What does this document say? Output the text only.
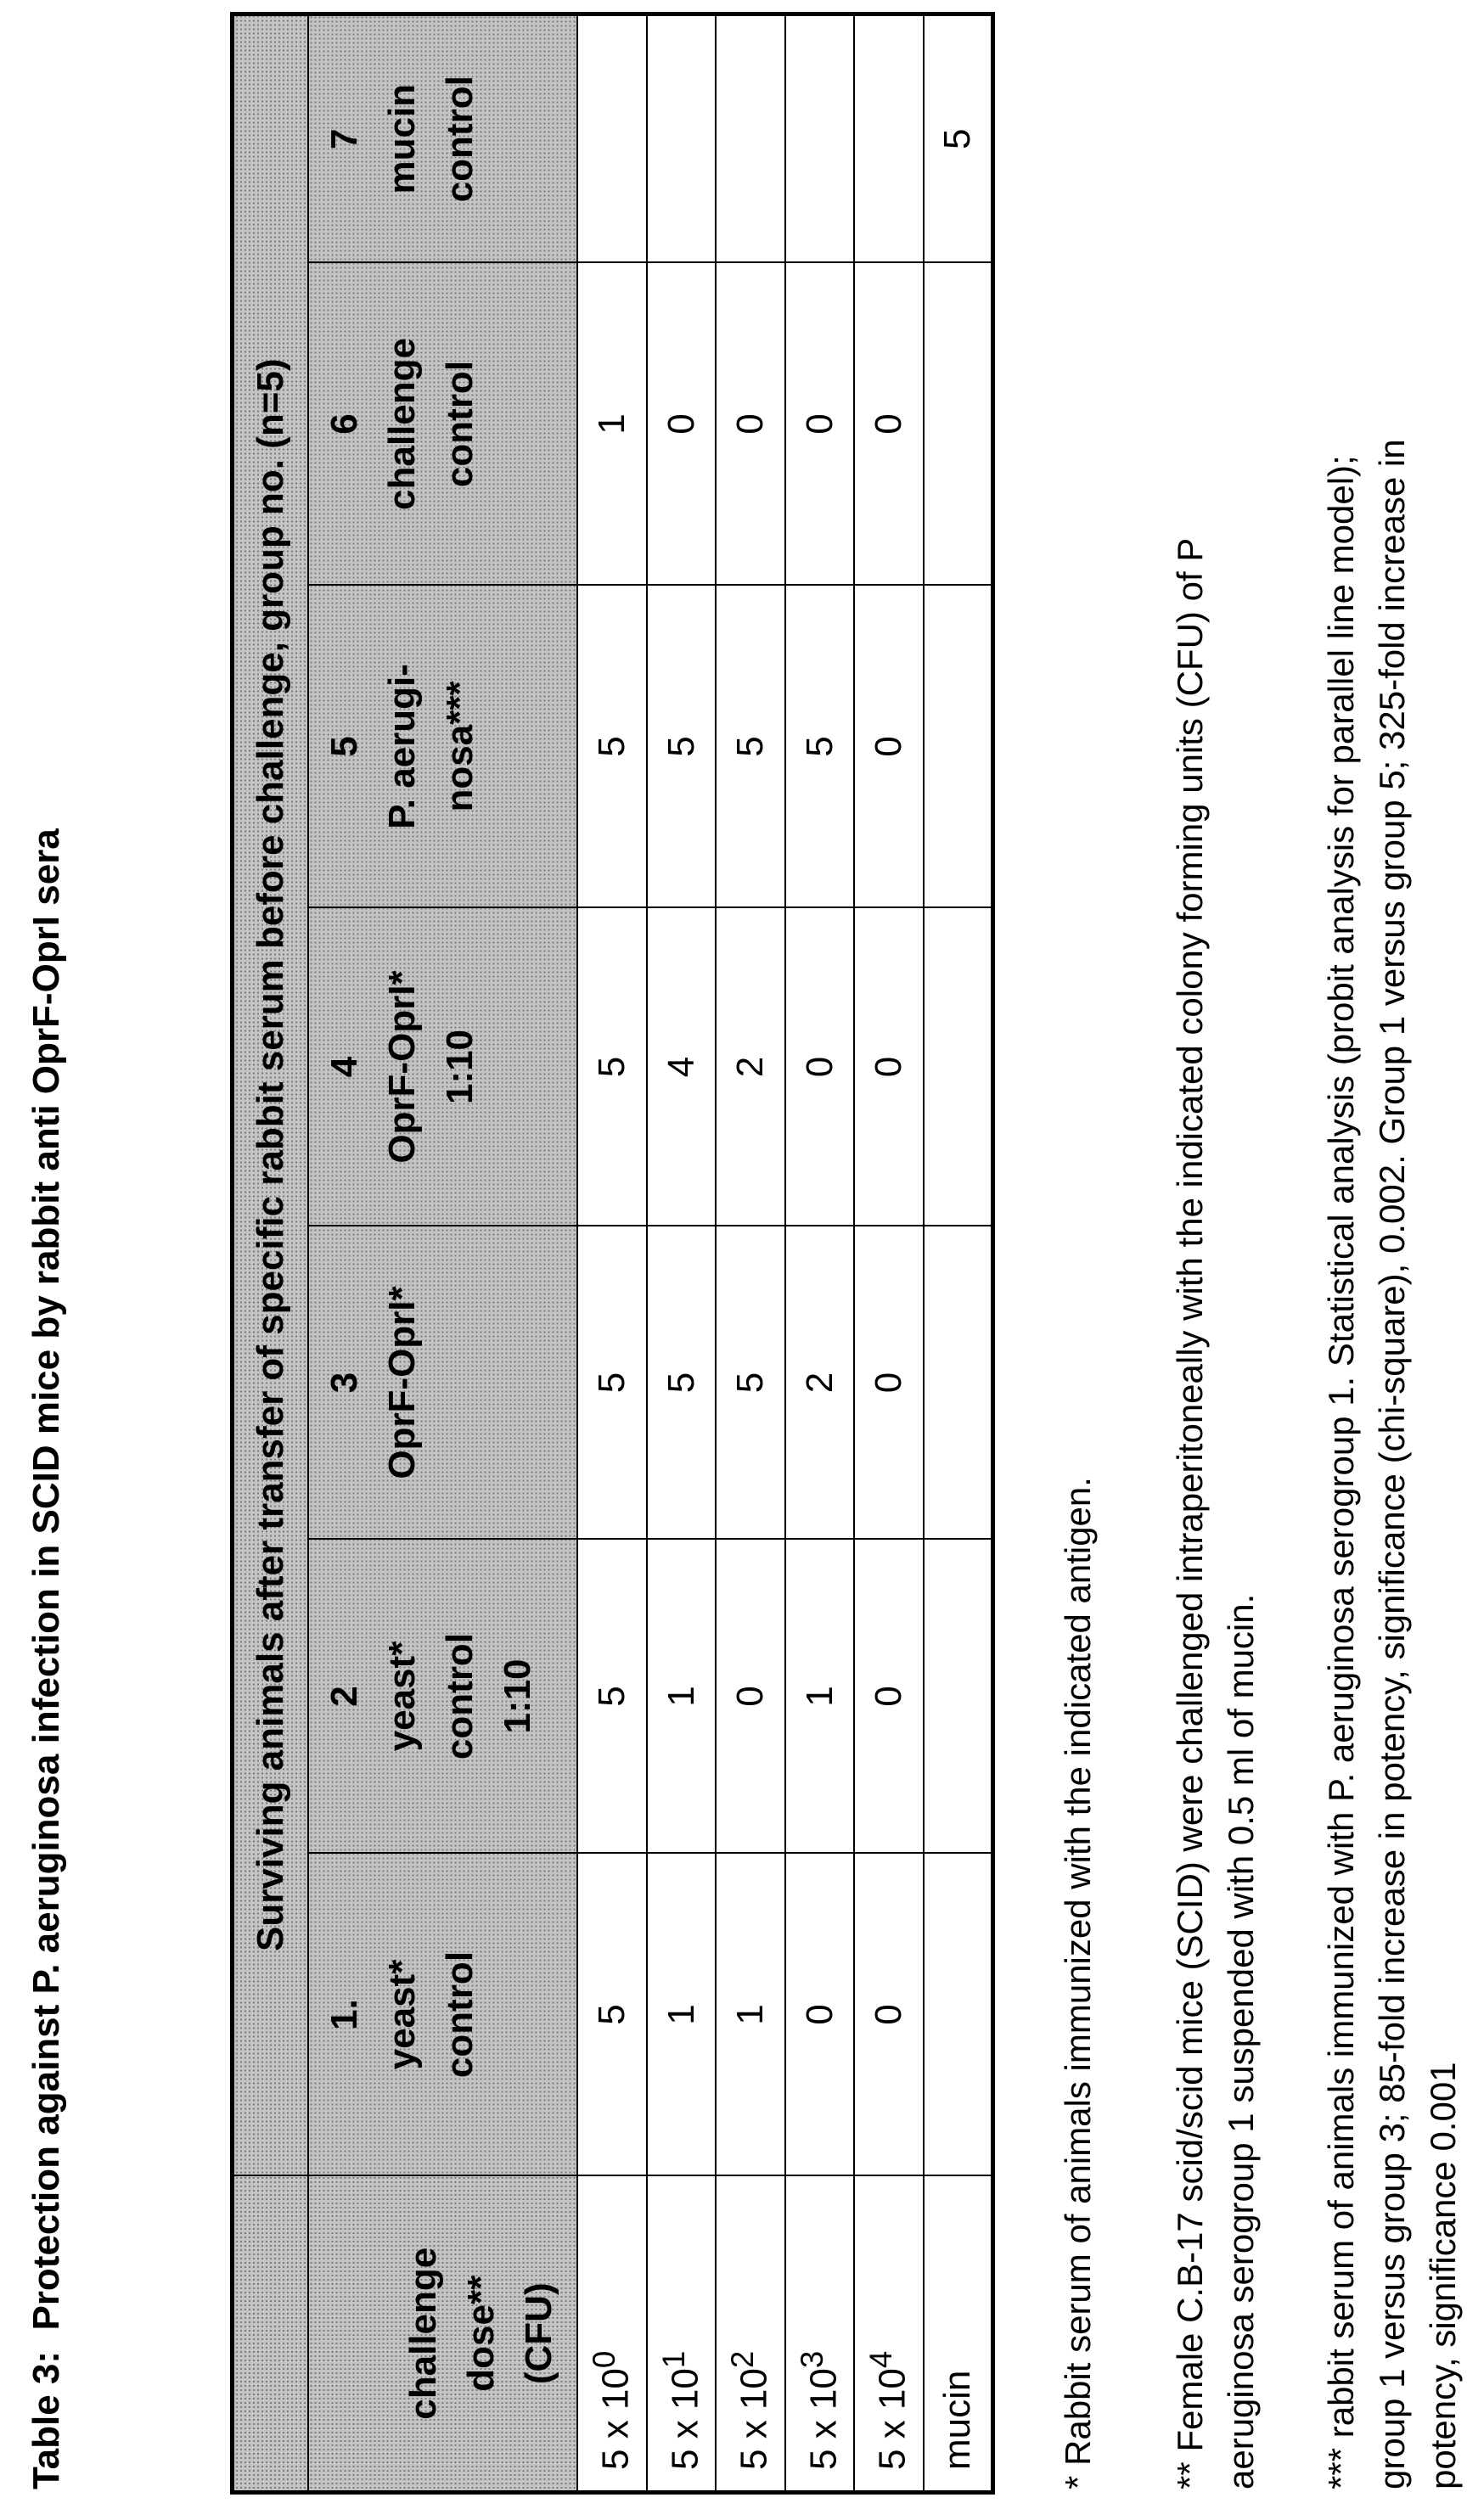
Table 3:  Protection against P. aeruginosa infection in SCID mice by rabbit anti OprF-OprI sera
		Surviving animals after transfer of specific rabbit serum before challenge, group no. (n=5)

challenge dose** (CFU)

1. yeast* control

2 yeast* control 1:10

3 OprF-OprI*

4 OprF-OprI* 1:10

5 P. aerugi- nosa***

6 challenge control

7 mucin control

5 x 100	5	5	5	5	5	1	
5 x 101	1	1	5	4	5	0	
5 x 102	1	0	5	2	5	0	
5 x 103	0	1	2	0	5	0	
5 x 104	0	0	0	0	0	0	
mucin							5
* Rabbit serum of animals immunized with the indicated antigen. ** Female C.B-17 scid/scid mice (SCID) were challenged intraperitoneally with the indicated colony forming units (CFU) of P aeruginosa serogroup 1 suspended with 0.5 ml of mucin. *** rabbit serum of animals immunized with P. aeruginosa serogroup 1. Statistical analysis (probit analysis for parallel line model); group 1 versus group 3; 85-fold increase in potency, significance (chi-square), 0.002. Group 1 versus group 5; 325-fold increase in potency, significance 0.001
